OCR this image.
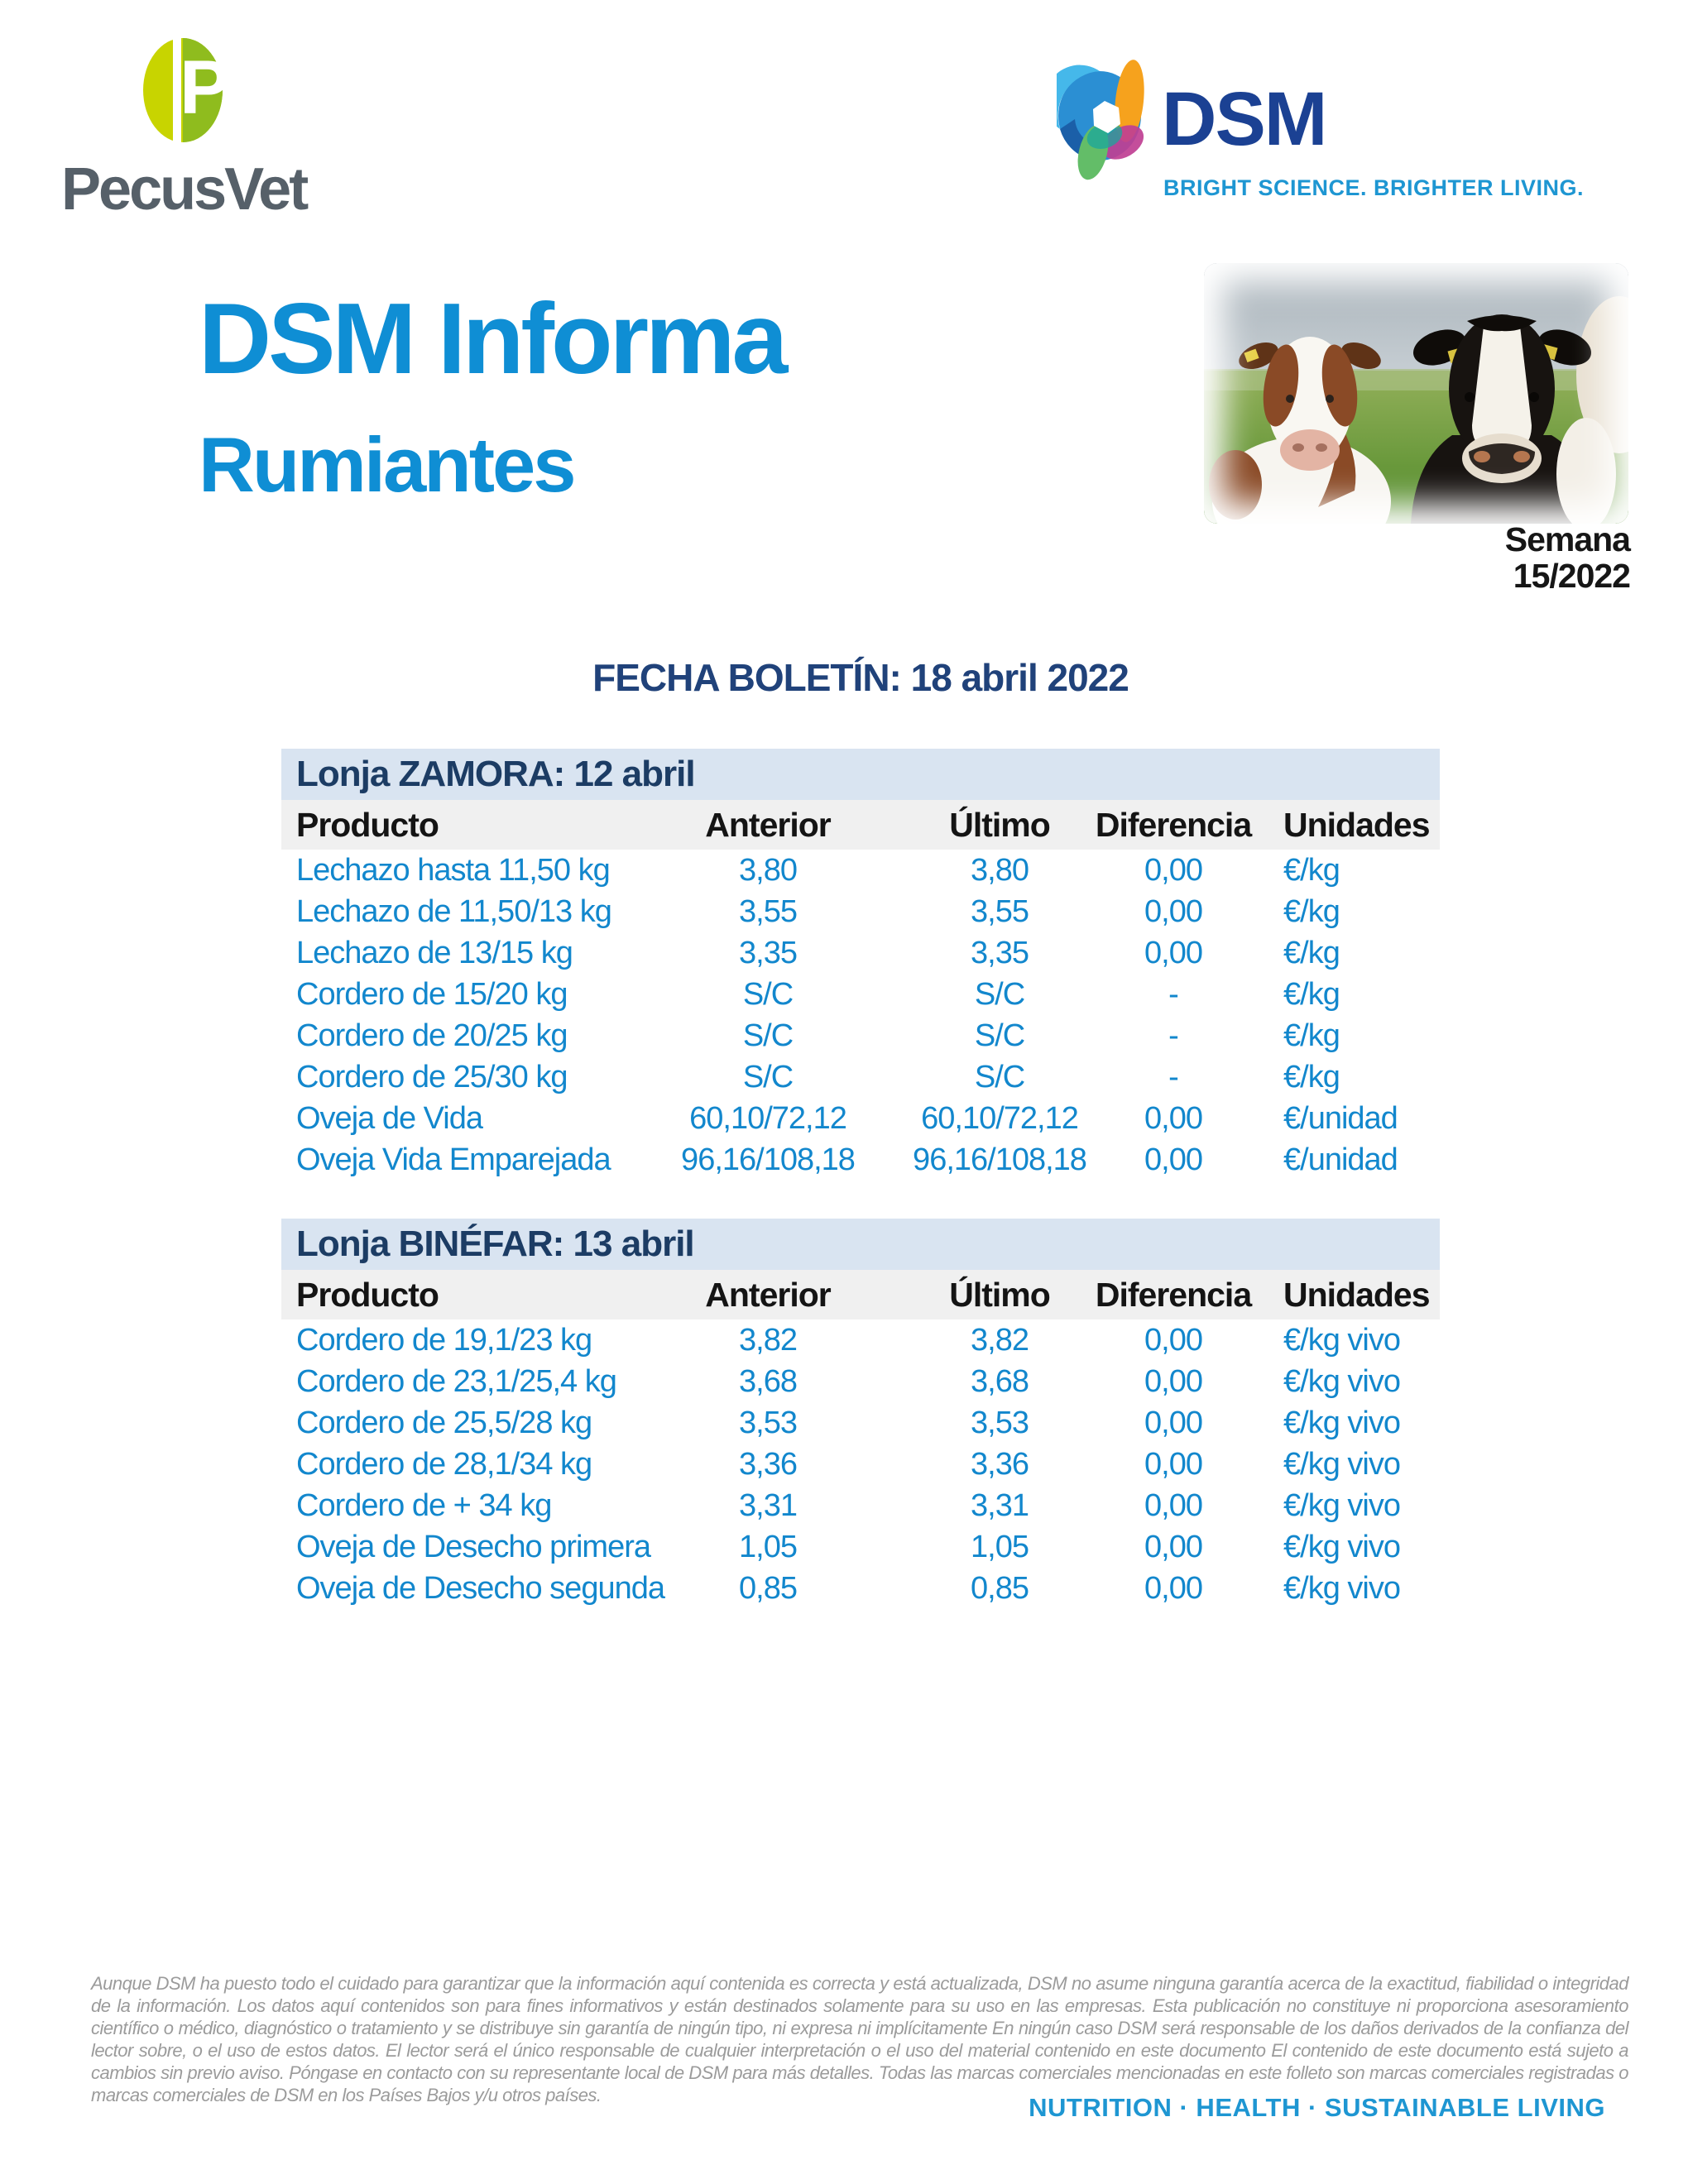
P
PecusVet
DSM
BRIGHT SCIENCE. BRIGHTER LIVING.
DSM Informa
Rumiantes
Semana
15/2022
FECHA BOLETÍN: 18 abril 2022
Lonja ZAMORA: 12 abril
Producto	Anterior	Último Diferencia Unidades
Lechazo hasta 11,50 kg	3,80	3,80	0,00	€/kg
Lechazo de 11,50/13 kg	3,55	3,55	0,00	€/kg
Lechazo de 13/15 kg	3,35	3,35	0,00	€/kg
Cordero de 15/20 kg	S/C	S/C	-	€/kg
Cordero de 20/25 kg	S/C	S/C	-	€/kg
Cordero de 25/30 kg	S/C	S/C	-	€/kg
Oveja de Vida	60,10/72,12 60,10/72,12 0,00	€/unidad
Oveja Vida Emparejada 96,16/108,18 96,16/108,18 0,00	€/unidad
Lonja BINÉFAR: 13 abril
Producto	Anterior	Último Diferencia Unidades
Cordero de 19,1/23 kg	3,82	3,82	0,00	€/kg vivo
Cordero de 23,1/25,4 kg	3,68	3,68	0,00	€/kg vivo
Cordero de 25,5/28 kg	3,53	3,53	0,00	€/kg vivo
Cordero de 28,1/34 kg	3,36	3,36	0,00	€/kg vivo
Cordero de + 34 kg	3,31	3,31	0,00	€/kg vivo
Oveja de Desecho primera	1,05	1,05	0,00	€/kg vivo
Oveja de Desecho segunda 0,85	0,85	0,00	€/kg vivo
Aunque DSM ha puesto todo el cuidado para garantizar que la información aquí contenida es correcta y está actualizada, DSM no asume ninguna garantía acerca de la exactitud, fiabilidad o integridad de la información. Los datos aquí contenidos son para fines informativos y están destinados solamente para su uso en las empresas. Esta publicación no constituye ni proporciona asesoramiento científico o médico, diagnóstico o tratamiento y se distribuye sin garantía de ningún tipo, ni expresa ni implícitamente En ningún caso DSM será responsable de los daños derivados de la confianza del lector sobre, o el uso de estos datos. El lector será el único responsable de cualquier interpretación o el uso del material contenido en este documento El contenido de este documento está sujeto a cambios sin previo aviso. Póngase en contacto con su representante local de DSM para más detalles. Todas las marcas comerciales mencionadas en este folleto son marcas comerciales registradas o marcas comerciales de DSM en los Países Bajos y/u otros países.	NUTRITION · HEALTH · SUSTAINABLE LIVING
